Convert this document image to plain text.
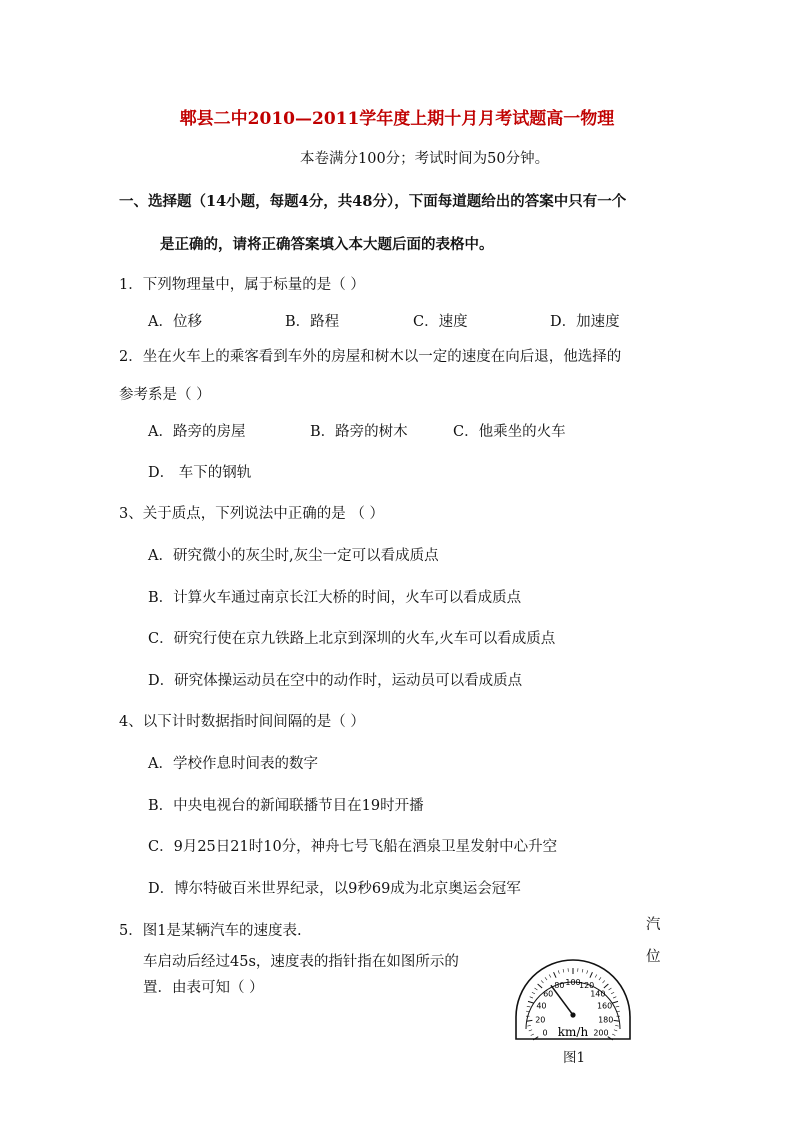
郫县二中2010—2011学年度上期十月月考试题高一物理
本卷满分100分；考试时间为50分钟。
一、选择题（14小题，每题4分，共48分），下面每道题给出的答案中只有一个
是正确的，请将正确答案填入本大题后面的表格中。
1．下列物理量中，属于标量的是（ ）
A．位移	B．路程	C．速度	D．加速度
2．坐在火车上的乘客看到车外的房屋和树木以一定的速度在向后退，他选择的
参考系是（ ）
A．路旁的房屋	B．路旁的树木	C．他乘坐的火车
D． 车下的钢轨
3、关于质点，下列说法中正确的是 （ ）
A．研究微小的灰尘时,灰尘一定可以看成质点
B．计算火车通过南京长江大桥的时间，火车可以看成质点
C．研究行使在京九铁路上北京到深圳的火车,火车可以看成质点
D．研究体操运动员在空中的动作时，运动员可以看成质点
4、以下计时数据指时间间隔的是（ ）
A．学校作息时间表的数字
B．中央电视台的新闻联播节目在19时开播
C．9月25日21时10分，神舟七号飞船在酒泉卫星发射中心升空
D．博尔特破百米世界纪录，以9秒69成为北京奥运会冠军
5．图1是某辆汽车的速度表.	汽
位
车启动后经过45s，速度表的指针指在如图所示的
置．由表可知（ ）
0
20
40
60
80 100
120
140
160
180
200
km/h
图1
